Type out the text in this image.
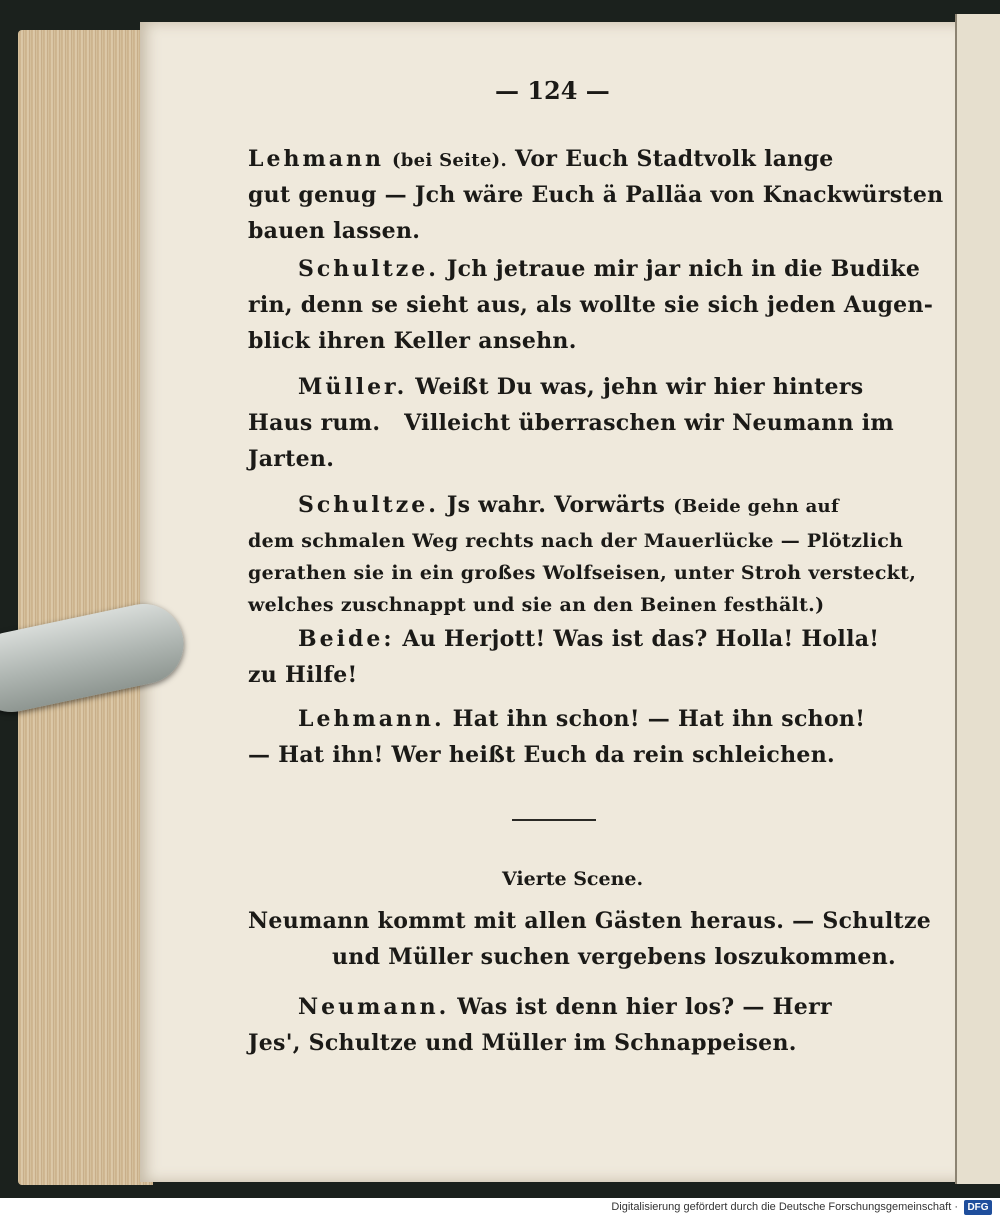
— 124 —
Lehmann (bei Seite). Vor Euch Stadtvolk lange
gut genug — Jch wäre Euch ä Palläa von Knackwürsten
bauen lassen.
Schultze. Jch jetraue mir jar nich in die Budike
rin, denn se sieht aus, als wollte sie sich jeden Augen-
blick ihren Keller ansehn.
Müller. Weißt Du was, jehn wir hier hinters
Haus rum.   Villeicht überraschen wir Neumann im
Jarten.
Schultze. Js wahr. Vorwärts (Beide gehn auf
dem schmalen Weg rechts nach der Mauerlücke — Plötzlich
gerathen sie in ein großes Wolfseisen, unter Stroh versteckt,
welches zuschnappt und sie an den Beinen festhält.)
Beide: Au Herjott! Was ist das? Holla! Holla!
zu Hilfe!
Lehmann. Hat ihn schon! — Hat ihn schon!
— Hat ihn! Wer heißt Euch da rein schleichen.
Vierte Scene.
Neumann kommt mit allen Gästen heraus. — Schultze
und Müller suchen vergebens loszukommen.
Neumann. Was ist denn hier los? — Herr
Jes', Schultze und Müller im Schnappeisen.
Digitalisierung gefördert durch die Deutsche Forschungsgemeinschaft · DFG
